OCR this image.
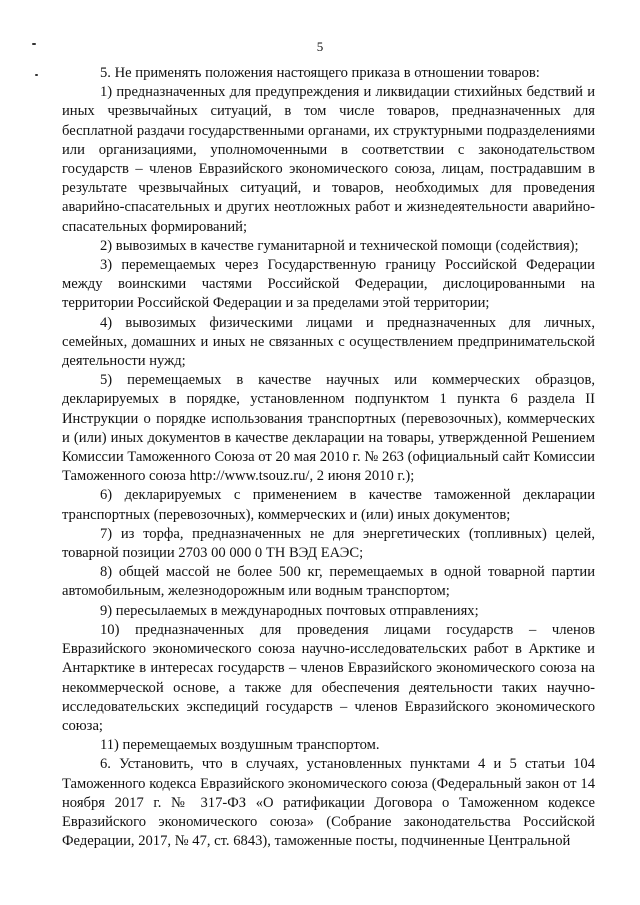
5

5. Не применять положения настоящего приказа в отношении товаров:

1) предназначенных для предупреждения и ликвидации стихийных бедствий и иных чрезвычайных ситуаций, в том числе товаров, предназначенных для бесплатной раздачи государственными органами, их структурными подразделениями или организациями, уполномоченными в соответствии с законодательством государств – членов Евразийского экономического союза, лицам, пострадавшим в результате чрезвычайных ситуаций, и товаров, необходимых для проведения аварийно-спасательных и других неотложных работ и жизнедеятельности аварийно-спасательных формирований;

2) вывозимых в качестве гуманитарной и технической помощи (содействия);

3) перемещаемых через Государственную границу Российской Федерации между воинскими частями Российской Федерации, дислоцированными на территории Российской Федерации и за пределами этой территории;

4) вывозимых физическими лицами и предназначенных для личных, семейных, домашних и иных не связанных с осуществлением предпринимательской деятельности нужд;

5) перемещаемых в качестве научных или коммерческих образцов, декларируемых в порядке, установленном подпунктом 1 пункта 6 раздела II Инструкции о порядке использования транспортных (перевозочных), коммерческих и (или) иных документов в качестве декларации на товары, утвержденной Решением Комиссии Таможенного Союза от 20 мая 2010 г. № 263 (официальный сайт Комиссии Таможенного союза http://www.tsouz.ru/, 2 июня 2010 г.);

6) декларируемых с применением в качестве таможенной декларации транспортных (перевозочных), коммерческих и (или) иных документов;

7) из торфа, предназначенных не для энергетических (топливных) целей, товарной позиции 2703 00 000 0 ТН ВЭД ЕАЭС;

8) общей массой не более 500 кг, перемещаемых в одной товарной партии автомобильным, железнодорожным или водным транспортом;

9) пересылаемых в международных почтовых отправлениях;

10) предназначенных для проведения лицами государств – членов Евразийского экономического союза научно-исследовательских работ в Арктике и Антарктике в интересах государств – членов Евразийского экономического союза на некоммерческой основе, а также для обеспечения деятельности таких научно-исследовательских экспедиций государств – членов Евразийского экономического союза;

11) перемещаемых воздушным транспортом.

6. Установить, что в случаях, установленных пунктами 4 и 5 статьи 104 Таможенного кодекса Евразийского экономического союза (Федеральный закон от 14 ноября 2017 г. № 317-ФЗ «О ратификации Договора о Таможенном кодексе Евразийского экономического союза» (Собрание законодательства Российской Федерации, 2017, № 47, ст. 6843), таможенные посты, подчиненные Центральной
